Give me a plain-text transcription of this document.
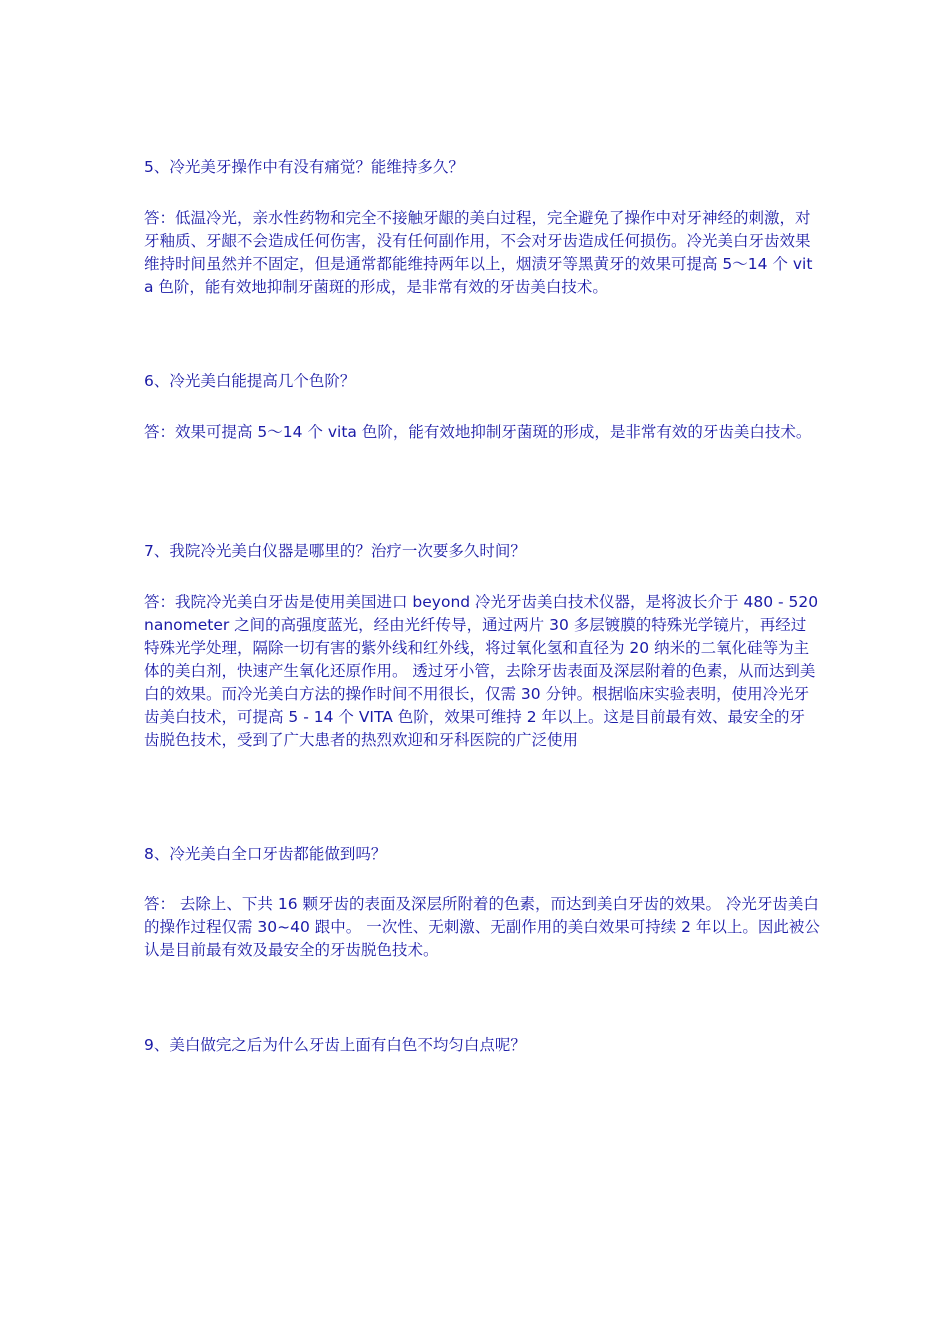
5、冷光美牙操作中有没有痛觉？能维持多久？

答：低温冷光，亲水性药物和完全不接触牙龈的美白过程，完全避免了操作中对牙神经的刺激，对牙釉质、牙龈不会造成任何伤害，没有任何副作用，不会对牙齿造成任何损伤。冷光美白牙齿效果维持时间虽然并不固定，但是通常都能维持两年以上，烟渍牙等黑黄牙的效果可提高 5～14 个 vita 色阶，能有效地抑制牙菌斑的形成，是非常有效的牙齿美白技术。

6、冷光美白能提高几个色阶？

答：效果可提高 5～14 个 vita 色阶，能有效地抑制牙菌斑的形成，是非常有效的牙齿美白技术。

7、我院冷光美白仪器是哪里的？治疗一次要多久时间？

答：我院冷光美白牙齿是使用美国进口 beyond 冷光牙齿美白技术仪器，是将波长介于 480 - 520nanometer 之间的高强度蓝光，经由光纤传导，通过两片 30 多层镀膜的特殊光学镜片，再经过特殊光学处理，隔除一切有害的紫外线和红外线，将过氧化氢和直径为 20 纳米的二氧化硅等为主体的美白剂，快速产生氧化还原作用。 透过牙小管，去除牙齿表面及深层附着的色素，从而达到美白的效果。而冷光美白方法的操作时间不用很长，仅需 30 分钟。根据临床实验表明，使用冷光牙齿美白技术，可提高 5 - 14 个 VITA 色阶，效果可维持 2 年以上。这是目前最有效、最安全的牙齿脱色技术，受到了广大患者的热烈欢迎和牙科医院的广泛使用

8、冷光美白全口牙齿都能做到吗？

答： 去除上、下共 16 颗牙齿的表面及深层所附着的色素，而达到美白牙齿的效果。 冷光牙齿美白的操作过程仅需 30~40 跟中。 一次性、无刺激、无副作用的美白效果可持续 2 年以上。因此被公认是目前最有效及最安全的牙齿脱色技术。

9、美白做完之后为什么牙齿上面有白色不均匀白点呢？
